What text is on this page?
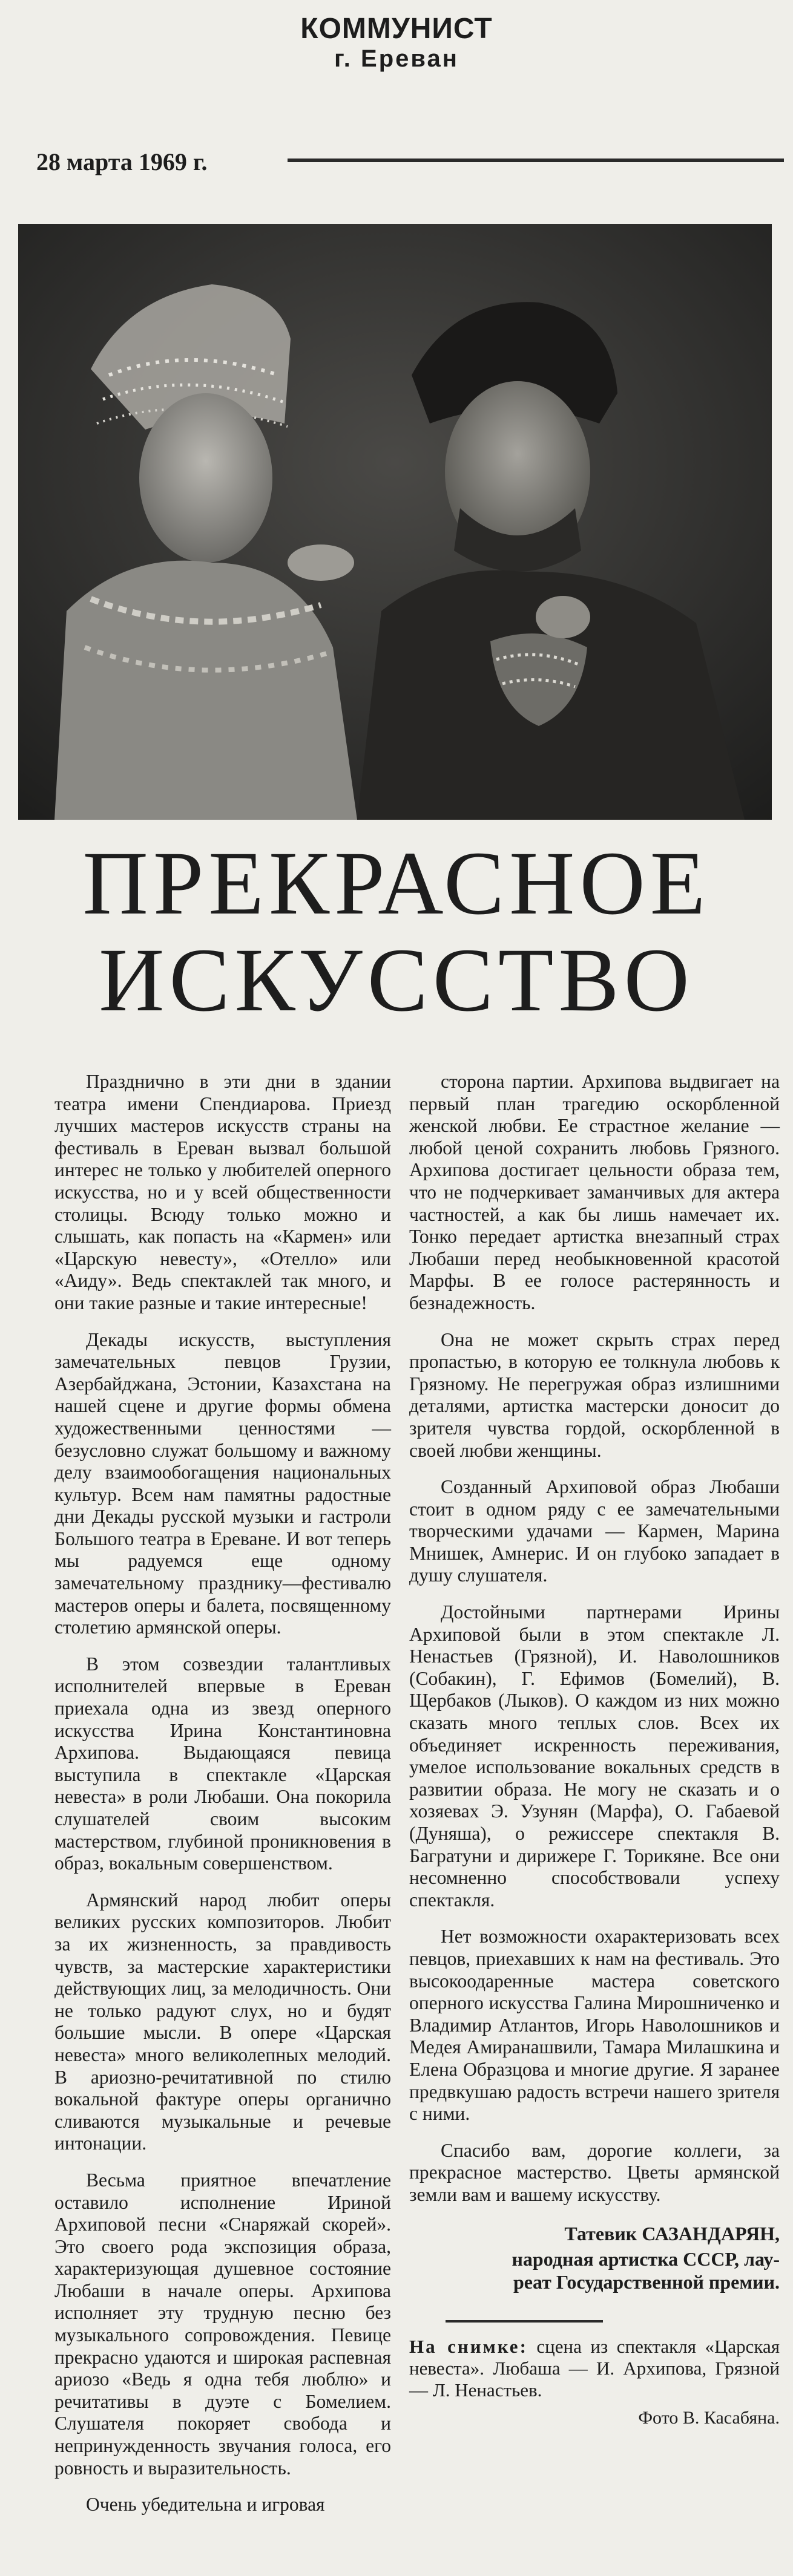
КОММУНИСТ
г. Ереван
28 марта 1969 г.
ПРЕКРАСНОЕ
ИСКУССТВО

Празднично в эти дни в здании театра имени Спендиарова. Приезд лучших мастеров искусств страны на фестиваль в Ереван вызвал большой интерес не только у любителей оперного искусства, но и у всей общественности столицы. Всюду только можно и слышать, как попасть на «Кармен» или «Царскую невесту», «Отелло» или «Аиду». Ведь спектаклей так много, и они такие разные и такие интересные!

Декады искусств, выступления замечательных певцов Грузии, Азербайджана, Эстонии, Казахстана на нашей сцене и другие формы обмена художественными ценностями — безусловно служат большому и важному делу взаимообогащения национальных культур. Всем нам памятны радостные дни Декады русской музыки и гастроли Большого театра в Ереване. И вот теперь мы радуемся еще одному замечательному празднику—фестивалю мастеров оперы и балета, посвященному столетию армянской оперы.

В этом созвездии талантливых исполнителей впервые в Ереван приехала одна из звезд оперного искусства Ирина Константиновна Архипова. Выдающаяся певица выступила в спектакле «Царская невеста» в роли Любаши. Она покорила слушателей своим высоким мастерством, глубиной проникновения в образ, вокальным совершенством.

Армянский народ любит оперы великих русских композиторов. Любит за их жизненность, за правдивость чувств, за мастерские характеристики действующих лиц, за мелодичность. Они не только радуют слух, но и будят большие мысли. В опере «Царская невеста» много великолепных мелодий. В ариозно-речитативной по стилю вокальной фактуре оперы органично сливаются музыкальные и речевые интонации.

Весьма приятное впечатление оставило исполнение Ириной Архиповой песни «Снаряжай скорей». Это своего рода экспозиция образа, характеризующая душевное состояние Любаши в начале оперы. Архипова исполняет эту трудную песню без музыкального сопровождения. Певице прекрасно удаются и широкая распевная ариозо «Ведь я одна тебя люблю» и речитативы в дуэте с Бомелием. Слушателя покоряет свобода и непринужденность звучания голоса, его ровность и выразительность.

Очень убедительна и игровая

сторона партии. Архипова выдвигает на первый план трагедию оскорбленной женской любви. Ее страстное желание — любой ценой сохранить любовь Грязного. Архипова достигает цельности образа тем, что не подчеркивает заманчивых для актера частностей, а как бы лишь намечает их. Тонко передает артистка внезапный страх Любаши перед необыкновенной красотой Марфы. В ее голосе растерянность и безнадежность.

Она не может скрыть страх перед пропастью, в которую ее толкнула любовь к Грязному. Не перегружая образ излишними деталями, артистка мастерски доносит до зрителя чувства гордой, оскорбленной в своей любви женщины.

Созданный Архиповой образ Любаши стоит в одном ряду с ее замечательными творческими удачами — Кармен, Марина Мнишек, Амнерис. И он глубоко западает в душу слушателя.

Достойными партнерами Ирины Архиповой были в этом спектакле Л. Ненастьев (Грязной), И. Наволошников (Собакин), Г. Ефимов (Бомелий), В. Щербаков (Лыков). О каждом из них можно сказать много теплых слов. Всех их объединяет искренность переживания, умелое использование вокальных средств в развитии образа. Не могу не сказать и о хозяевах Э. Узунян (Марфа), О. Габаевой (Дуняша), о режиссере спектакля В. Багратуни и дирижере Г. Торикяне. Все они несомненно способствовали успеху спектакля.

Нет возможности охарактеризовать всех певцов, приехавших к нам на фестиваль. Это высокоодаренные мастера советского оперного искусства Галина Мирошниченко и Владимир Атлантов, Игорь Наволошников и Медея Амиранашвили, Тамара Милашкина и Елена Образцова и многие другие. Я заранее предвкушаю радость встречи нашего зрителя с ними.

Спасибо вам, дорогие коллеги, за прекрасное мастерство. Цветы армянской земли вам и вашему искусству.

Татевик САЗАНДАРЯН,
народная артистка СССР, лау-
реат Государственной премии.
На снимке: сцена из спектакля «Царская невеста». Любаша — И. Архипова, Грязной — Л. Ненастьев.
Фото В. Касабяна.
